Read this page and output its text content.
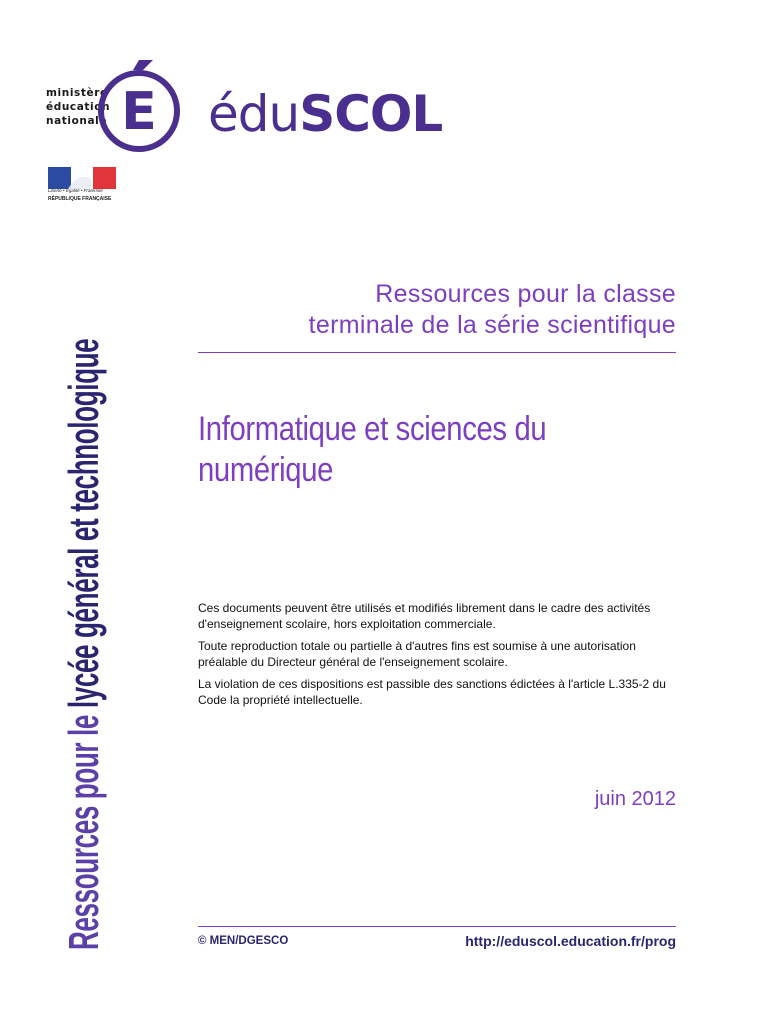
ministère
éducation
nationale E éduSCOL
Liberté • Égalité • Fraternité
RÉPUBLIQUE FRANÇAISE
Ressources pour le lycée général et technologique
Ressources pour la classe
terminale de la série scientifique
Informatique et sciences du
numérique

Ces documents peuvent être utilisés et modifiés librement dans le cadre des activités d'enseignement scolaire, hors exploitation commerciale.

Toute reproduction totale ou partielle à d'autres fins est soumise à une autorisation préalable du Directeur général de l'enseignement scolaire.

La violation de ces dispositions est passible des sanctions édictées à l'article L.335-2 du Code la propriété intellectuelle.

juin 2012
© MEN/DGESCO	http://eduscol.education.fr/prog
